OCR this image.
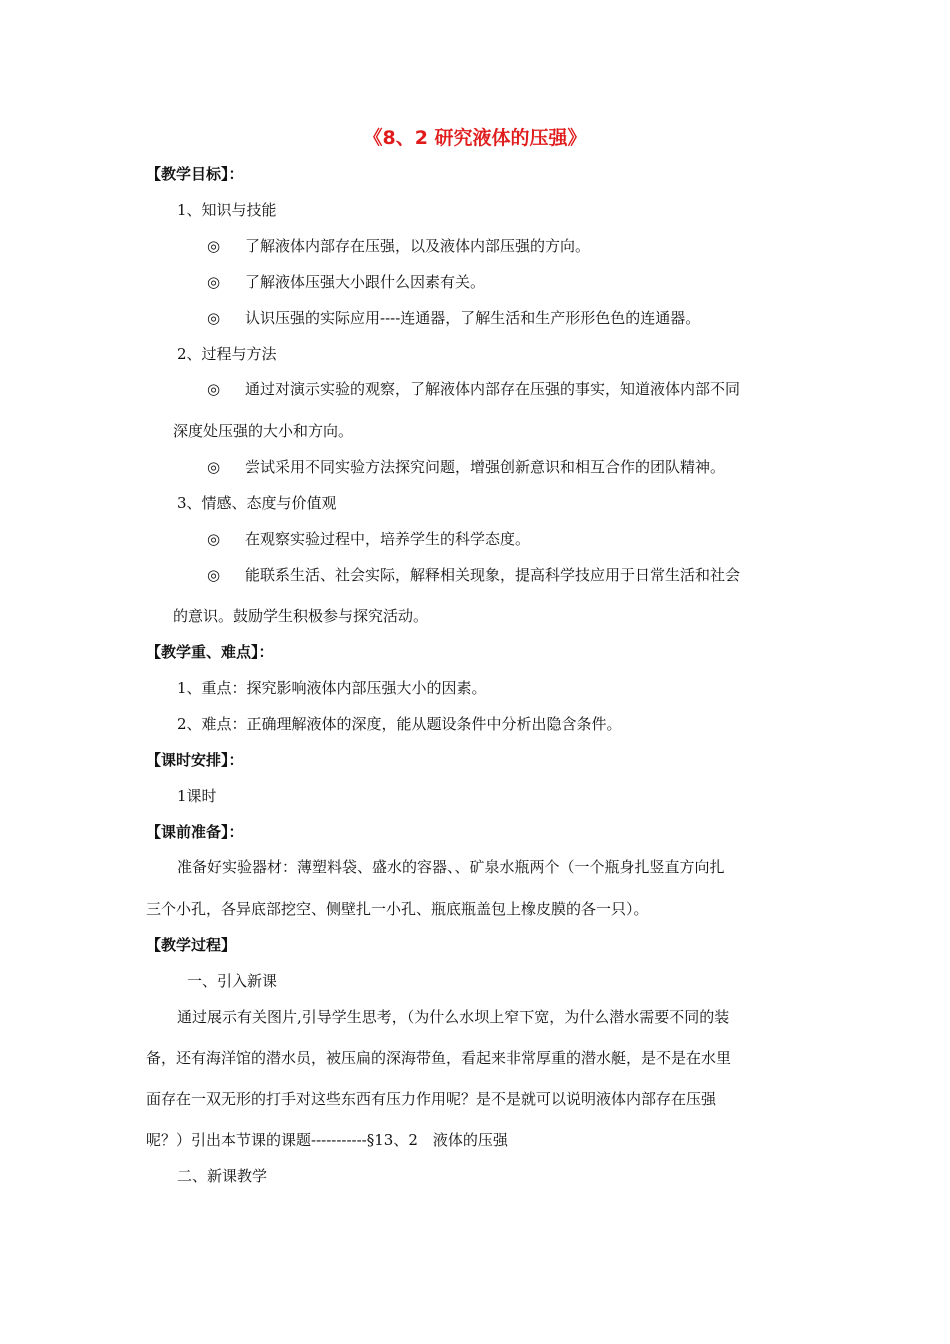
《8、2 研究液体的压强》
【教学目标】：
1、知识与技能
◎	了解液体内部存在压强，以及液体内部压强的方向。
◎	了解液体压强大小跟什么因素有关。
◎	认识压强的实际应用----连通器，了解生活和生产形形色色的连通器。
2、过程与方法
◎	通过对演示实验的观察，了解液体内部存在压强的事实，知道液体内部不同
深度处压强的大小和方向。
◎	尝试采用不同实验方法探究问题，增强创新意识和相互合作的团队精神。
3、情感、态度与价值观
◎	在观察实验过程中，培养学生的科学态度。
◎	能联系生活、社会实际，解释相关现象，提高科学技应用于日常生活和社会
的意识。鼓励学生积极参与探究活动。
【教学重、难点】：
1、重点：探究影响液体内部压强大小的因素。
2、难点：正确理解液体的深度，能从题设条件中分析出隐含条件。
【课时安排】：
1课时
【课前准备】：
准备好实验器材：薄塑料袋、盛水的容器、、矿泉水瓶两个（一个瓶身扎竖直方向扎
三个小孔，各异底部挖空、侧壁扎一小孔、瓶底瓶盖包上橡皮膜的各一只）。
【教学过程】
一、引入新课
通过展示有关图片,引导学生思考，（为什么水坝上窄下宽，为什么潜水需要不同的装
备，还有海洋馆的潜水员，被压扁的深海带鱼，看起来非常厚重的潜水艇，是不是在水里
面存在一双无形的打手对这些东西有压力作用呢？是不是就可以说明液体内部存在压强
呢？）引出本节课的课题-----------§13、2　液体的压强
二、新课教学
